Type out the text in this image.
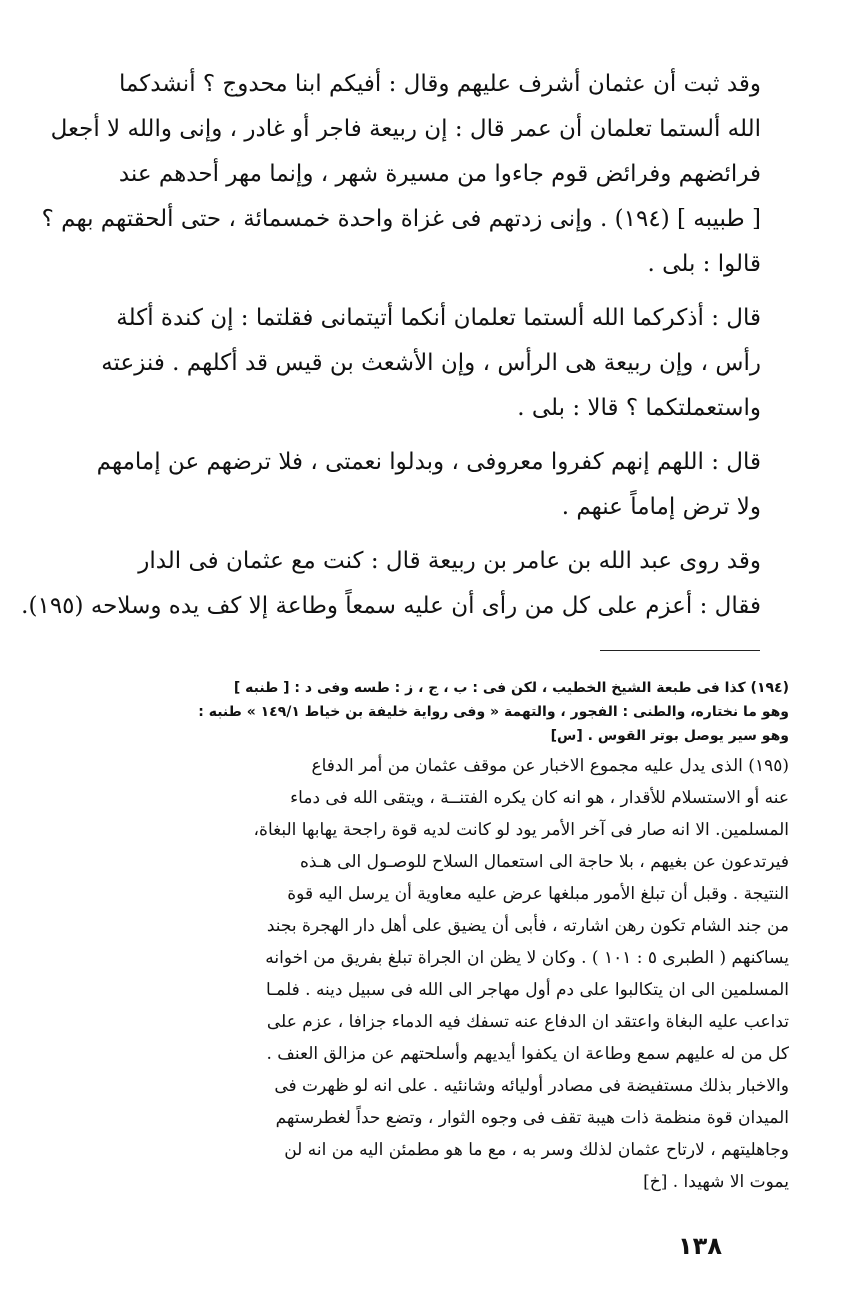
وقد ثبت أن عثمان أشرف عليهم وقال : أفيكم ابنا محدوج ؟ أنشدكما
الله ألستما تعلمان أن عمر قال : إن ربيعة فاجر أو غادر ، وإنى والله لا أجعل
فرائضهم وفرائض قوم جاءوا من مسيرة شهر ، وإنما مهر أحدهم عند
[ طبيبه ] (١٩٤) . وإنى زدتهم فى غزاة واحدة خمسمائة ، حتى ألحقتهم بهم ؟
قالوا : بلى .
قال : أذكركما الله ألستما تعلمان أنكما أتيتمانى فقلتما : إن كندة أكلة
رأس ، وإن ربيعة هى الرأس ، وإن الأشعث بن قيس قد أكلهم . فنزعته
واستعملتكما ؟ قالا : بلى .
قال : اللهم إنهم كفروا معروفى ، وبدلوا نعمتى ، فلا ترضهم عن إمامهم
ولا ترض إماماً عنهم .
وقد روى عبد الله بن عامر بن ربيعة قال : كنت مع عثمان فى الدار
فقال : أعزم على كل من رأى أن عليه سمعاً وطاعة إلا كف يده وسلاحه (١٩٥).
(١٩٤) كذا فى طبعة الشيخ الخطيب ، لكن فى : ب ، ج ، ز : طسه وفى د : [ طنبه ]
وهو ما نختاره، والطنى : الفجور ، والتهمة « وفى رواية خليفة بن خياط ١٤٩/١ » طنبه :
وهو سير يوصل بوتر القوس . [س]
(١٩٥) الذى يدل عليه مجموع الاخبار عن موقف عثمان من أمر الدفاع
عنه أو الاستسلام للأقدار ، هو انه كان يكره الفتنــة ، ويتقى الله فى دماء
المسلمين. الا انه صار فى آخر الأمر يود لو كانت لديه قوة راجحة يهابها البغاة،
فيرتدعون عن بغيهم ، بلا حاجة الى استعمال السلاح للوصـول الى هـذه
النتيجة . وقبل أن تبلغ الأمور مبلغها عرض عليه معاوية أن يرسل اليه قوة
من جند الشام تكون رهن اشارته ، فأبى أن يضيق على أهل دار الهجرة بجند
يساكنهم ( الطبرى ٥ : ١٠١ ) . وكان لا يظن ان الجراة تبلغ بفريق من اخوانه
المسلمين الى ان يتكالبوا على دم أول مهاجر الى الله فى سبيل دينه . فلمـا
تداعب عليه البغاة واعتقد ان الدفاع عنه تسفك فيه الدماء جزافا ، عزم على
كل من له عليهم سمع وطاعة ان يكفوا أيديهم وأسلحتهم عن مزالق العنف .
والاخبار بذلك مستفيضة فى مصادر أوليائه وشانئيه . على انه لو ظهرت فى
الميدان قوة منظمة ذات هيبة تقف فى وجوه الثوار ، وتضع حداً لغطرستهم
وجاهليتهم ، لارتاح عثمان لذلك وسر به ، مع ما هو مطمئن اليه من انه لن
يموت الا شهيدا . [خ]
١٣٨
